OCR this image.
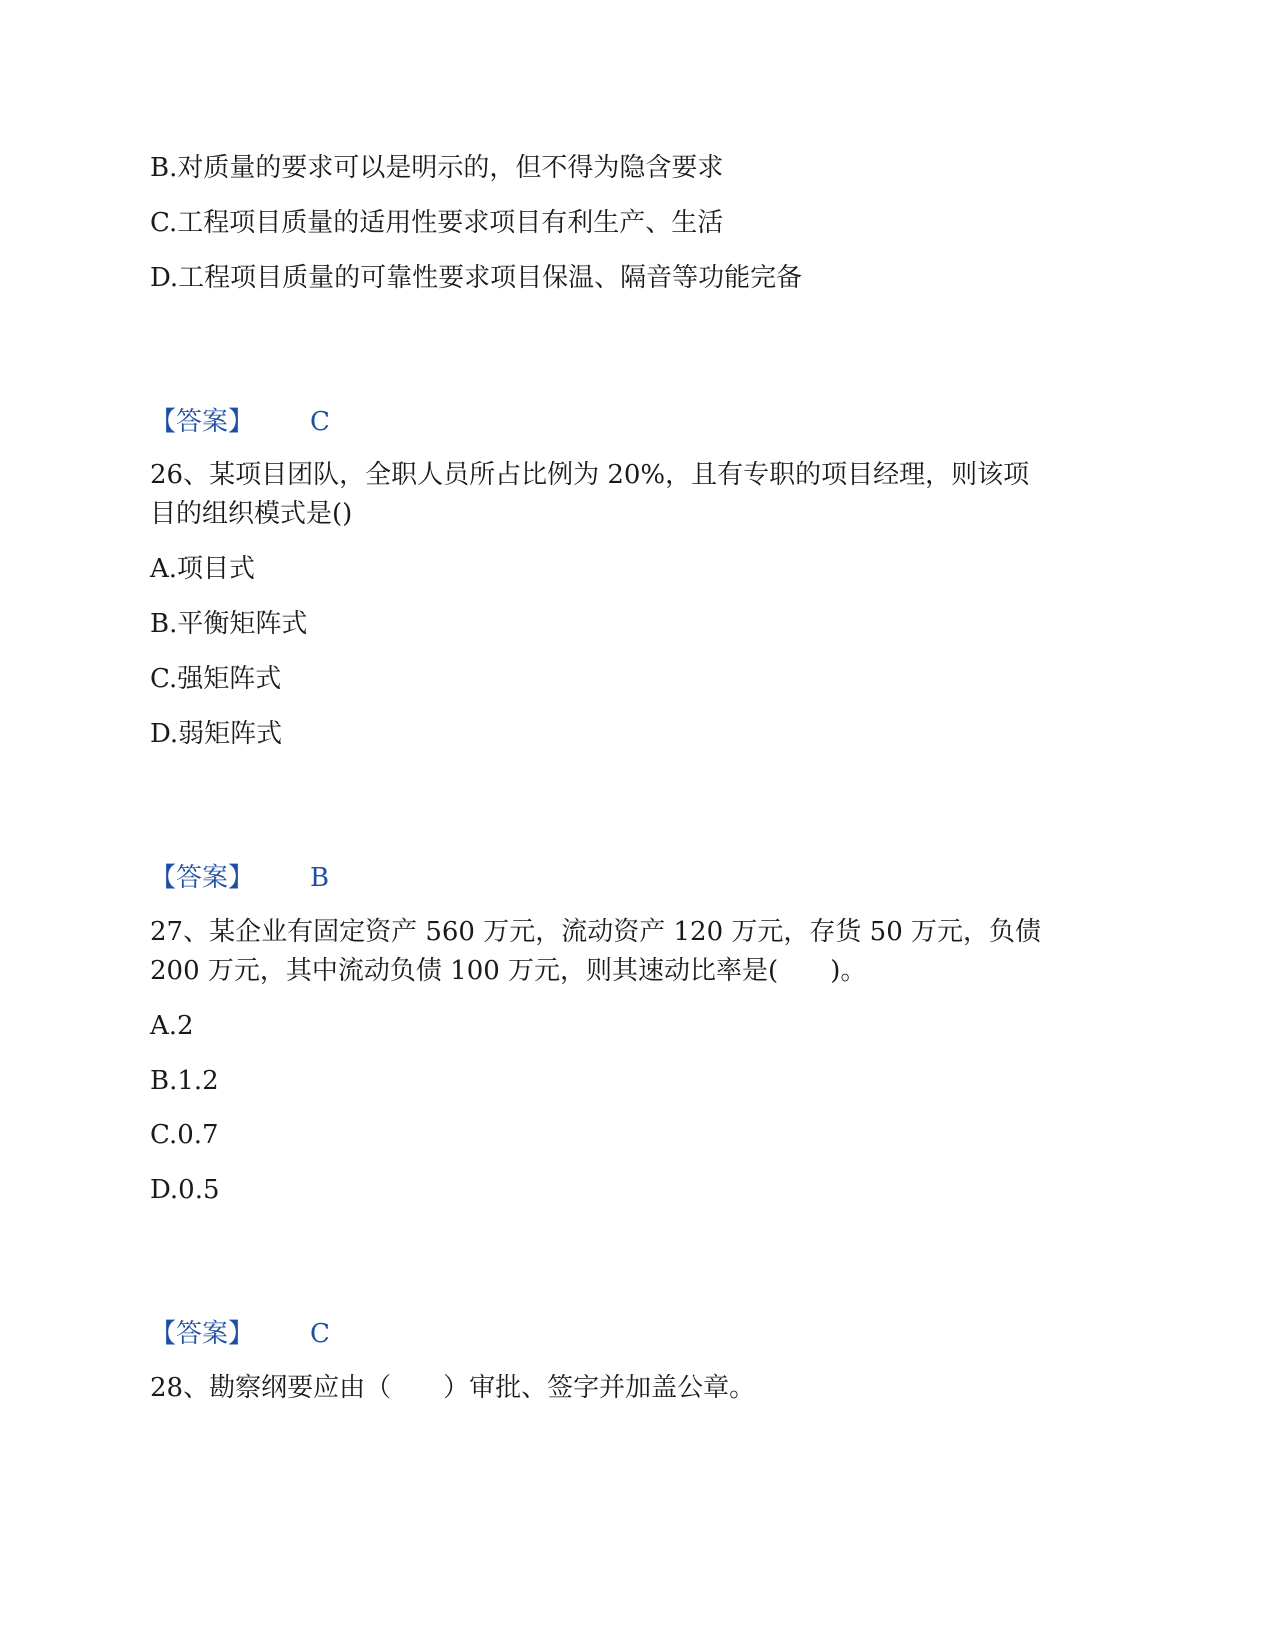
B.对质量的要求可以是明示的，但不得为隐含要求
C.工程项目质量的适用性要求项目有利生产、生活
D.工程项目质量的可靠性要求项目保温、隔音等功能完备
【答案】 C
26、某项目团队，全职人员所占比例为 20%，且有专职的项目经理，则该项
目的组织模式是()
A.项目式
B.平衡矩阵式
C.强矩阵式
D.弱矩阵式
【答案】 B
27、某企业有固定资产 560 万元，流动资产 120 万元，存货 50 万元，负债
200 万元，其中流动负债 100 万元，则其速动比率是(　　)。
A.2
B.1.2
C.0.7
D.0.5
【答案】 C
28、勘察纲要应由（　　）审批、签字并加盖公章。
